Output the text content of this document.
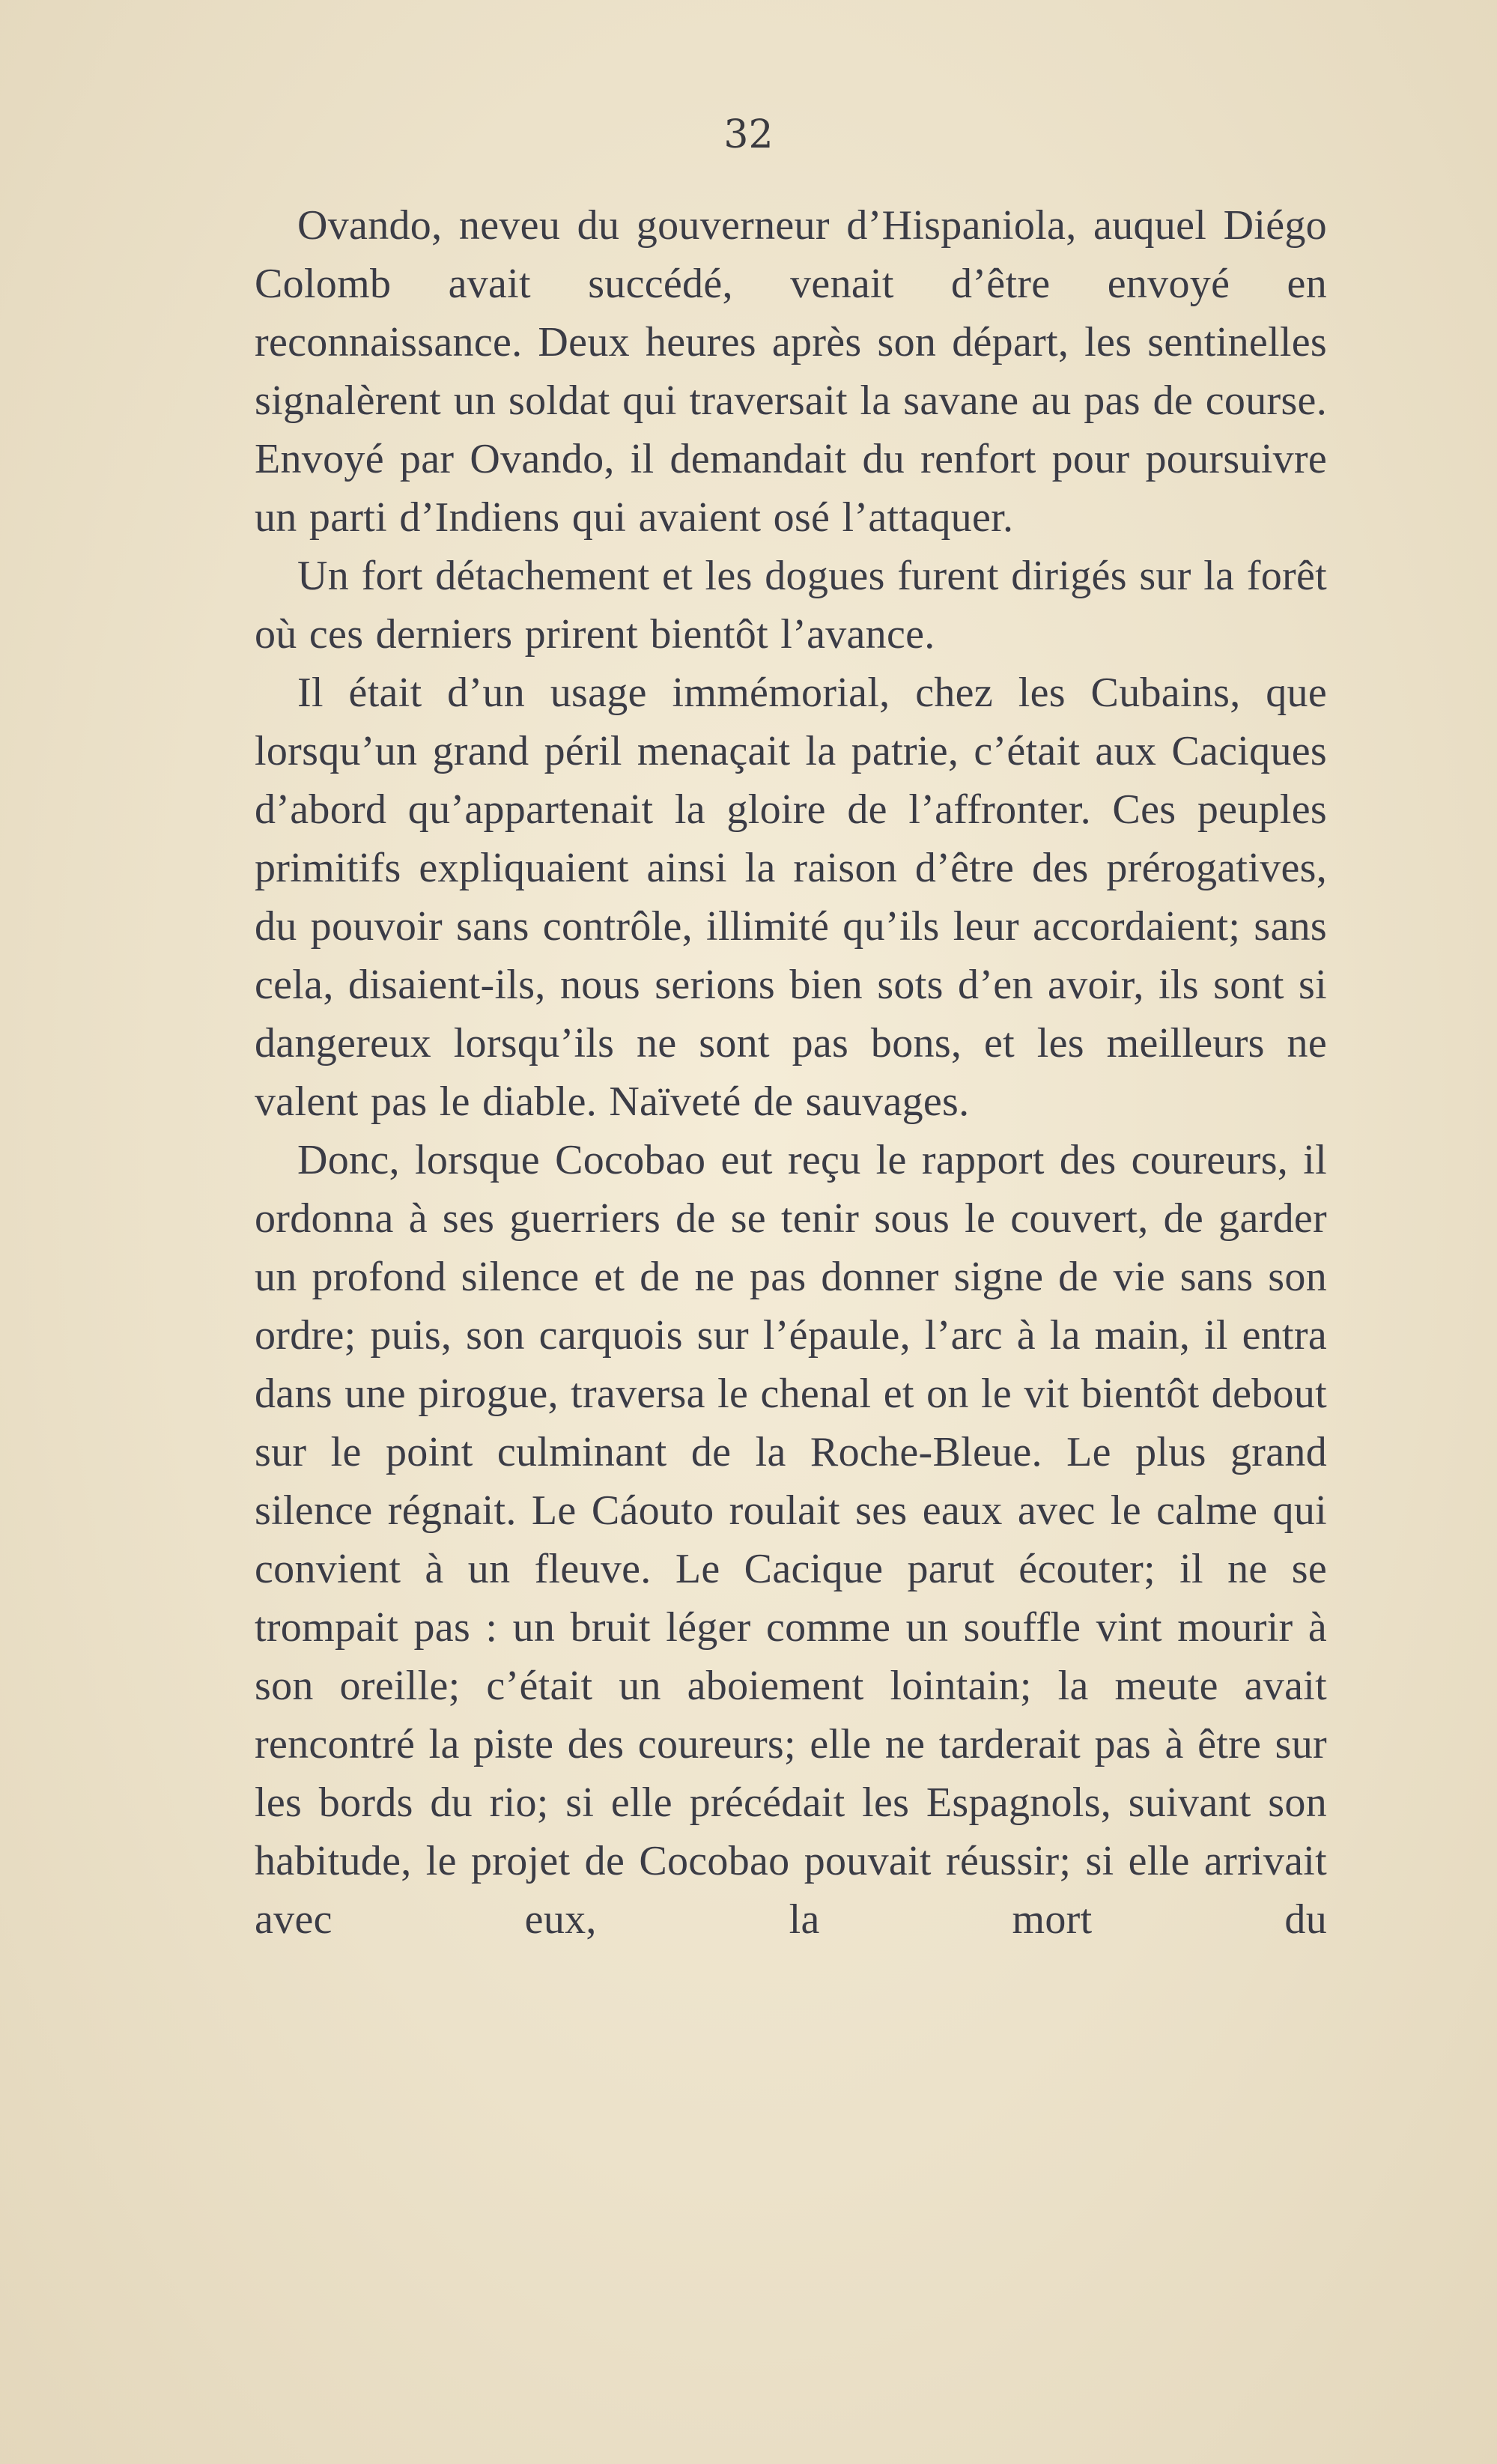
32

Ovando, neveu du gouverneur d’Hispaniola, auquel Diégo Colomb avait succédé, venait d’être envoyé en reconnaissance. Deux heures après son départ, les sentinelles signalèrent un soldat qui traversait la savane au pas de course. Envoyé par Ovando, il demandait du renfort pour poursuivre un parti d’Indiens qui avaient osé l’attaquer.

Un fort détachement et les dogues furent dirigés sur la forêt où ces derniers prirent bientôt l’avance.

Il était d’un usage immémorial, chez les Cubains, que lorsqu’un grand péril menaçait la patrie, c’était aux Caciques d’abord qu’appartenait la gloire de l’affronter. Ces peuples primitifs expliquaient ainsi la raison d’être des prérogatives, du pouvoir sans contrôle, illimité qu’ils leur accordaient; sans cela, disaient-ils, nous serions bien sots d’en avoir, ils sont si dangereux lorsqu’ils ne sont pas bons, et les meilleurs ne valent pas le diable. Naïveté de sauvages.

Donc, lorsque Cocobao eut reçu le rapport des coureurs, il ordonna à ses guerriers de se tenir sous le couvert, de garder un profond silence et de ne pas donner signe de vie sans son ordre; puis, son carquois sur l’épaule, l’arc à la main, il entra dans une pirogue, traversa le chenal et on le vit bientôt debout sur le point culminant de la Roche-Bleue. Le plus grand silence régnait. Le Cáouto roulait ses eaux avec le calme qui convient à un fleuve. Le Cacique parut écouter; il ne se trompait pas : un bruit léger comme un souffle vint mourir à son oreille; c’était un aboiement lointain; la meute avait rencontré la piste des coureurs; elle ne tarderait pas à être sur les bords du rio; si elle précédait les Espagnols, suivant son habitude, le projet de Cocobao pouvait réussir; si elle arrivait avec eux, la mort du
